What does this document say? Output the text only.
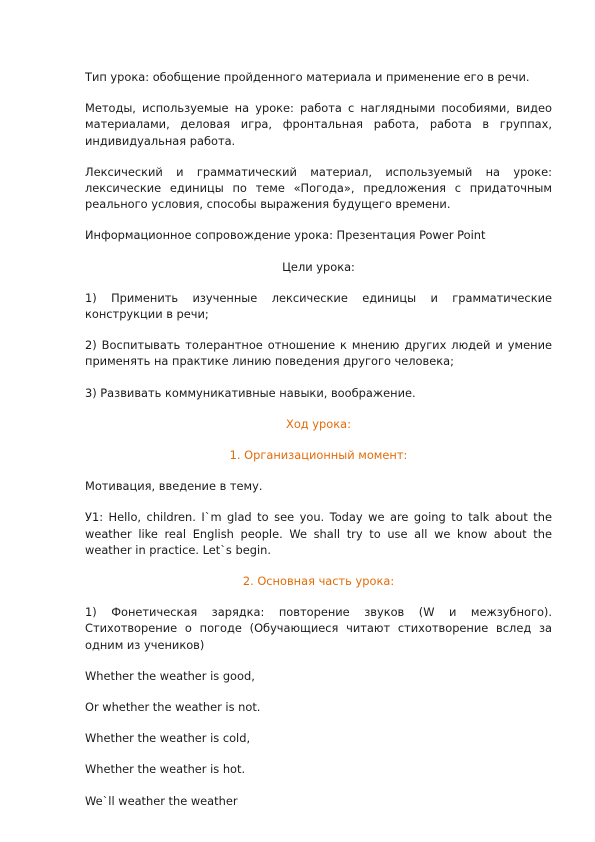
Тип урока: обобщение пройденного материала и применение его в речи.

Методы, используемые на уроке: работа с наглядными пособиями, видео материалами, деловая игра, фронтальная работа, работа в группах, индивидуальная работа.

Лексический и грамматический материал, используемый на уроке: лексические единицы по теме «Погода», предложения с придаточным реального условия, способы выражения будущего времени.

Информационное сопровождение урока: Презентация Power Point

Цели урока:

1) Применить изученные лексические единицы и грамматические конструкции в речи;

2) Воспитывать толерантное отношение к мнению других людей и умение применять на практике линию поведения другого человека;

3) Развивать коммуникативные навыки, воображение.

Ход урока:

1. Организационный момент:

Мотивация, введение в тему.

У1: Hello, children. I`m glad to see you. Today we are going to talk about the weather like real English people. We shall try to use all we know about the weather in practice. Let`s begin.

2. Основная часть урока:

1) Фонетическая зарядка: повторение звуков (W и межзубного). Стихотворение о погоде (Обучающиеся читают стихотворение вслед за одним из учеников)

Whether the weather is good,

Or whether the weather is not.

Whether the weather is cold,

Whether the weather is hot.

We`ll weather the weather
